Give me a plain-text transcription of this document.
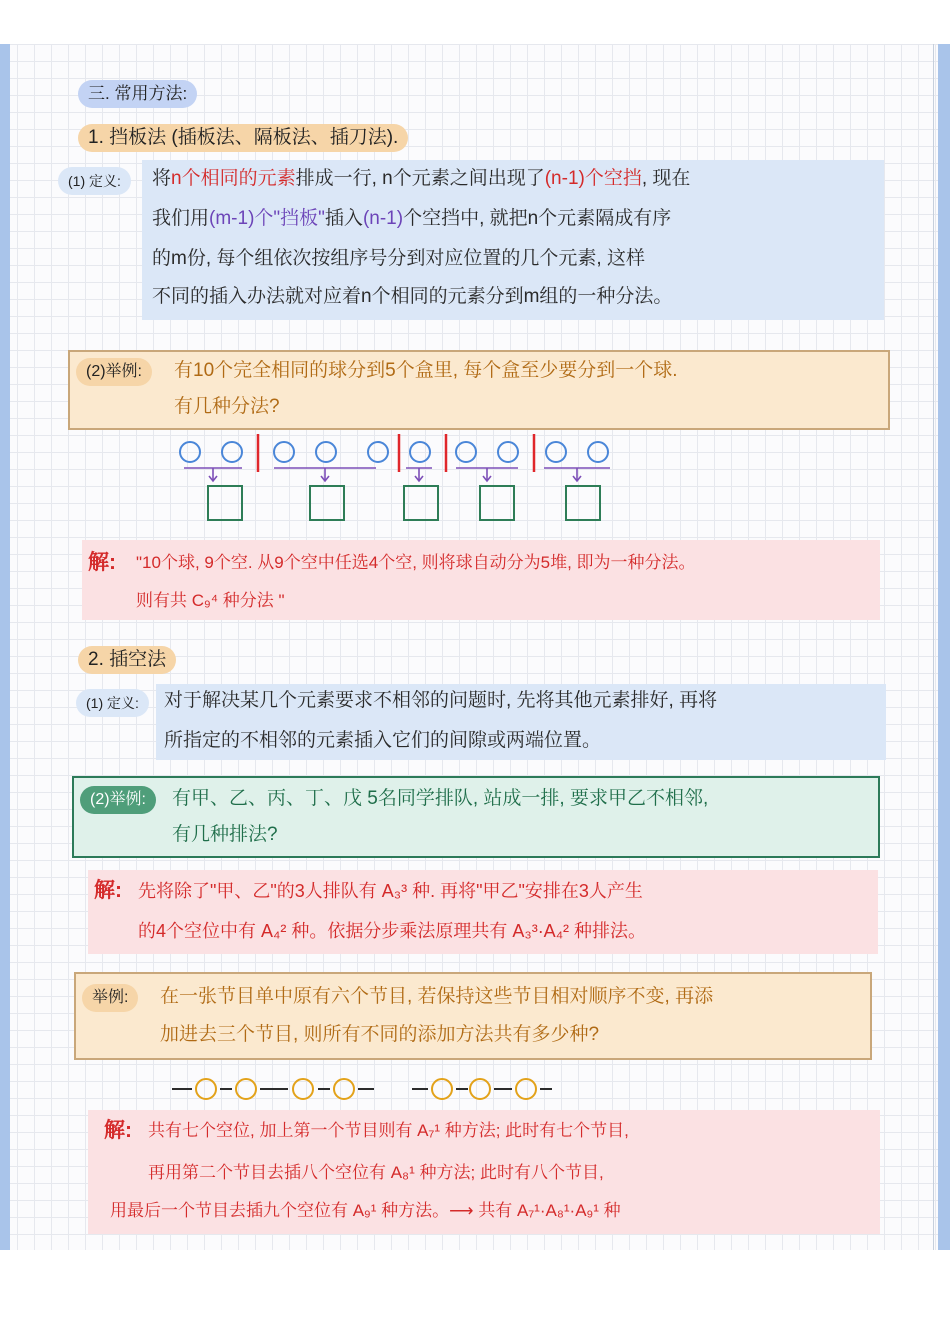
三. 常用方法:
1. 挡板法 (插板法、隔板法、插刀法).
(1) 定义:	将n个相同的元素排成一行, n个元素之间出现了(n-1)个空挡, 现在
我们用(m-1)个"挡板"插入(n-1)个空挡中, 就把n个元素隔成有序
的m份, 每个组依次按组序号分到对应位置的几个元素, 这样
不同的插入办法就对应着n个相同的元素分到m组的一种分法。
(2)举例:	有10个完全相同的球分到5个盒里, 每个盒至少要分到一个球.
有几种分法?
解: "10个球, 9个空. 从9个空中任选4个空, 则将球自动分为5堆, 即为一种分法。
则有共 C₉⁴ 种分法 "
2. 插空法
(1) 定义:	对于解决某几个元素要求不相邻的问题时, 先将其他元素排好, 再将
所指定的不相邻的元素插入它们的间隙或两端位置。
(2)举例:	有甲、乙、丙、丁、戊 5名同学排队, 站成一排, 要求甲乙不相邻,
有几种排法?
解: 先将除了"甲、乙"的3人排队有 A₃³ 种. 再将"甲乙"安排在3人产生
的4个空位中有 A₄² 种。依据分步乘法原理共有 A₃³·A₄² 种排法。
举例:	在一张节目单中原有六个节目, 若保持这些节目相对顺序不变, 再添
加进去三个节目, 则所有不同的添加方法共有多少种?
解: 共有七个空位, 加上第一个节目则有 A₇¹ 种方法; 此时有七个节目,
再用第二个节目去插八个空位有 A₈¹ 种方法; 此时有八个节目,
用最后一个节目去插九个空位有 A₉¹ 种方法。⟶ 共有 A₇¹·A₈¹·A₉¹ 种
